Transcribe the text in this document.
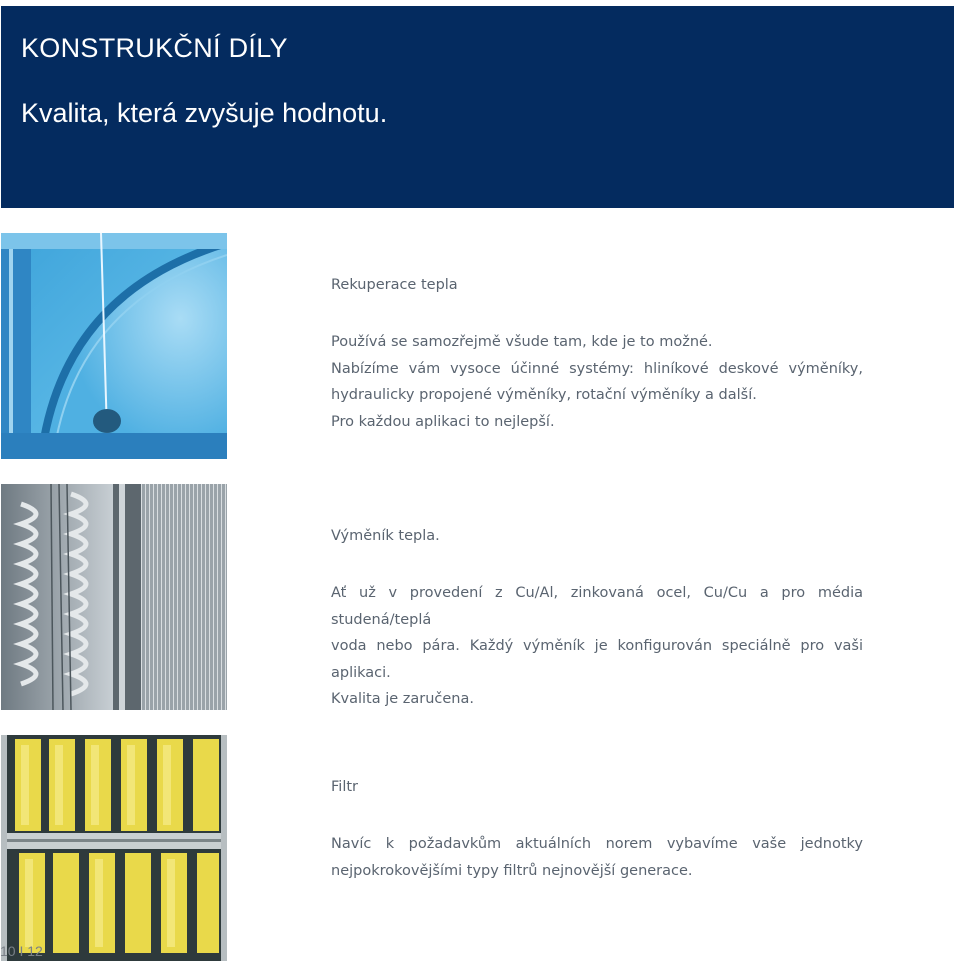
KONSTRUKČNÍ DÍLY
Kvalita, která zvyšuje hodnotu.
Rekuperace tepla

Používá se samozřejmě všude tam, kde je to možné.

Nabízíme vám vysoce účinné systémy: hliníkové deskové výměníky,

hydraulicky propojené výměníky, rotační výměníky a další.

Pro každou aplikaci to nejlepší.

Výměník tepla.

Ať už v provedení z Cu/Al, zinkovaná ocel, Cu/Cu a pro média studená/teplá

voda nebo pára. Každý výměník je konfigurován speciálně pro vaši aplikaci.

Kvalita je zaručena.

Filtr

Navíc k požadavkům aktuálních norem vybavíme vaše jednotky

nejpokrokovějšími typy filtrů nejnovější generace.

10 I 12
